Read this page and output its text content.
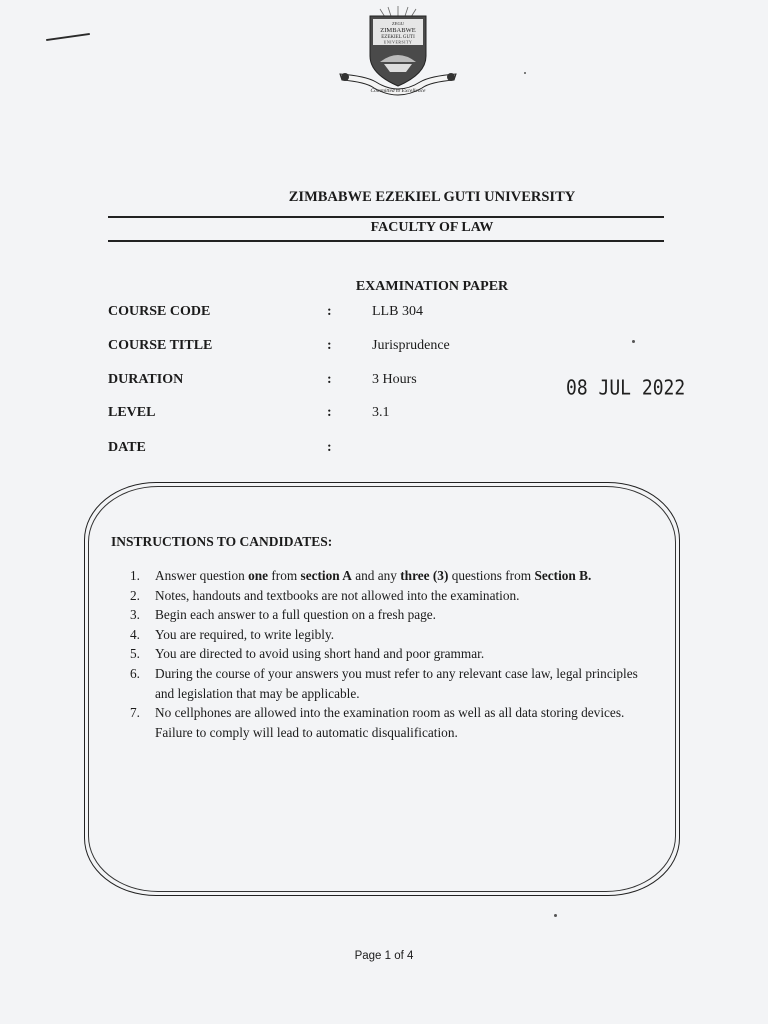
ZEGU
ZIMBABWE
EZEKIEL GUTI
UNIVERSITY
Committed to Excellence
ZIMBABWE EZEKIEL GUTI UNIVERSITY
FACULTY OF LAW
EXAMINATION PAPER
COURSE CODE	:	LLB 304
COURSE TITLE	:	Jurisprudence
DURATION	:	3 Hours
LEVEL	:	3.1
DATE	:
08 JUL 2022
INSTRUCTIONS TO CANDIDATES:
1. Answer question one from section A and any three (3) questions from Section B.
2. Notes, handouts and textbooks are not allowed into the examination.
3. Begin each answer to a full question on a fresh page.
4. You are required, to write legibly.
5. You are directed to avoid using short hand and poor grammar.
6. During the course of your answers you must refer to any relevant case law, legal principles and legislation that may be applicable.
7. No cellphones are allowed into the examination room as well as all data storing devices. Failure to comply will lead to automatic disqualification.
Page 1 of 4
